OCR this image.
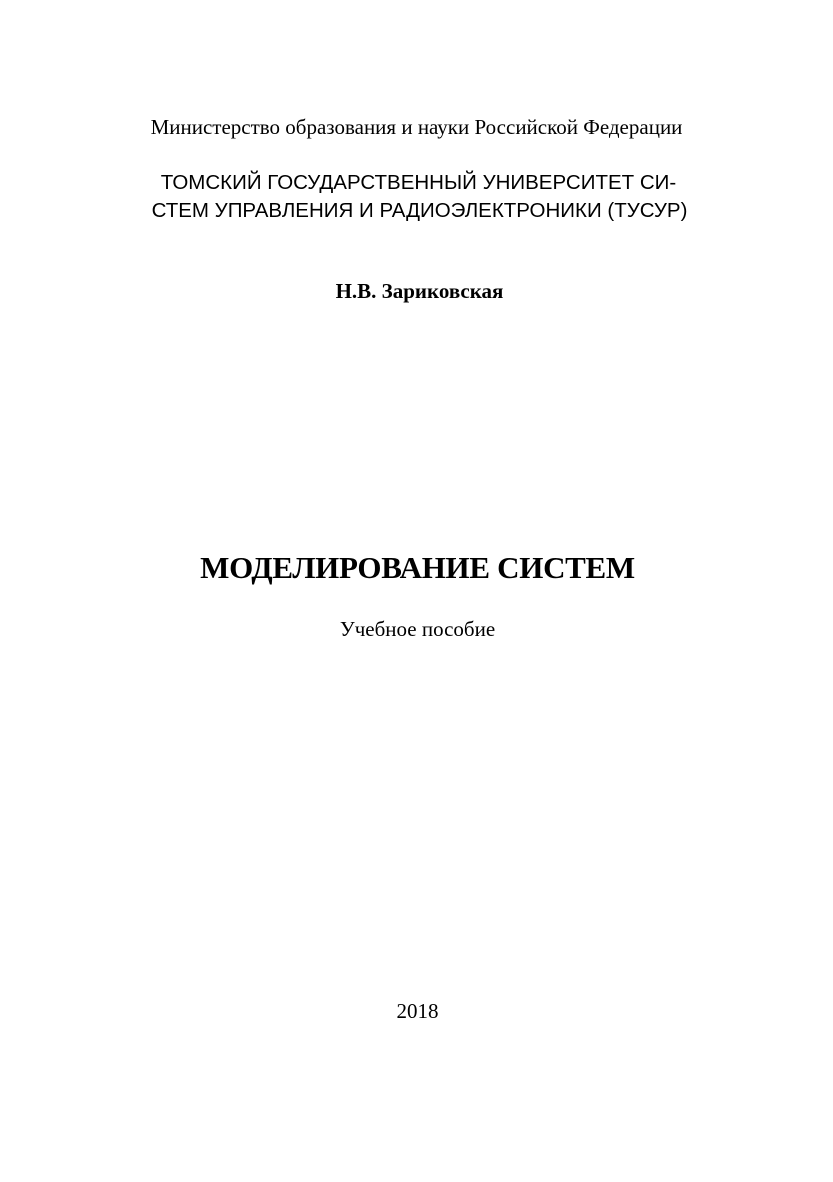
Министерство образования и науки Российской Федерации
ТОМСКИЙ ГОСУДАРСТВЕННЫЙ УНИВЕРСИТЕТ СИ-
СТЕМ УПРАВЛЕНИЯ И РАДИОЭЛЕКТРОНИКИ (ТУСУР)
Н.В. Зариковская
МОДЕЛИРОВАНИЕ СИСТЕМ
Учебное пособие
2018
